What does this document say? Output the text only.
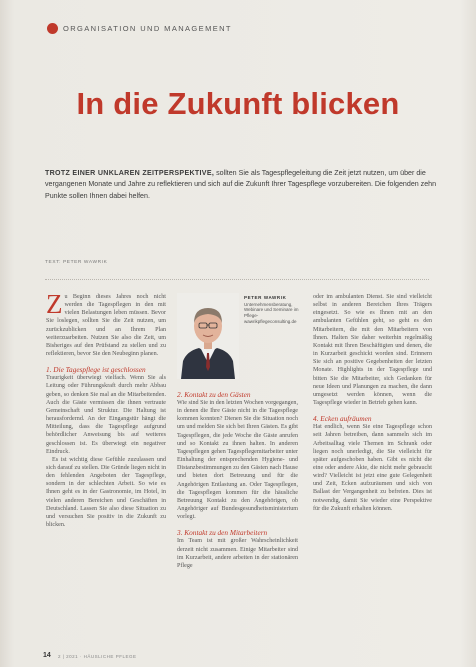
ORGANISATION UND MANAGEMENT
In die Zukunft blicken
TROTZ EINER UNKLAREN ZEITPERSPEKTIVE, sollten Sie als Tagespflegeleitung die Zeit jetzt nutzen, um über die vergangenen Monate und Jahre zu reflektieren und sich auf die Zukunft Ihrer Tagespflege vorzubereiten. Die folgenden zehn Punkte sollen Ihnen dabei helfen.
TEXT: PETER WAWRIK

Zu Beginn dieses Jahres noch nicht werden die Tagespflegen in den mit vielen Belastungen leben müssen. Bevor Sie loslegen, sollten Sie die Zeit nutzen, um zurückzublicken und an Ihrem Plan weiterzuarbeiten. Nutzen Sie also die Zeit, um Bisheriges auf den Prüfstand zu stellen und zu reflektieren, bevor Sie den Neubeginn planen.

1. Die Tagespflege ist geschlossen

Traurigkeit überwiegt vielfach. Wenn Sie als Leitung oder Führungskraft durch mehr Abbau geben, so denken Sie mal an die Mitarbeitenden. Auch die Gäste vermissen die ihnen vertraute Gemeinschaft und Struktur. Die Haltung ist herausfordernd. An der Eingangstür hängt die Mitteilung, dass die Tagespflege aufgrund behördlicher Anweisung bis auf weiteres geschlossen ist. Es überwiegt ein negativer Eindruck.

Es ist wichtig diese Gefühle zuzulassen und sich darauf zu stellen. Die Gründe liegen nicht in den fehlenden Angeboten der Tagespflege, sondern in der schlechten Arbeit. So wie es Ihnen geht es in der Gastronomie, im Hotel, in vielen anderen Bereichen und Geschäften in Deutschland. Lassen Sie also diese Situation zu und versuchen Sie positiv in die Zukunft zu blicken.

PETER WAWRIK
Unternehmensberatung, Webinare und Seminare im Pflege-wawrikpflegeconsulting.de
2. Kontakt zu den Gästen

Wie sind Sie in den letzten Wochen vorgegangen, in denen die Ihre Gäste nicht in die Tagespflege kommen konnten? Dienen Sie die Situation noch um und melden Sie sich bei Ihren Gästen. Es gibt Tagespflegen, die jede Woche die Gäste anrufen und so Kontakt zu ihnen halten. In anderen Tagespflegen gehen Tagespflegemitarbeiter unter Einhaltung der entsprechenden Hygiene- und Distanzbestimmungen zu den Gästen nach Hause und bieten dort Betreuung und für die Angehörigen Entlastung an. Oder Tagespflegen, die Tagespflegen kommen für die häusliche Betreuung Kontakt zu den Angehörigen, ob Angehöriger auf Bundesgesundheitsministerium vorlegt.

3. Kontakt zu den Mitarbeitern

Im Team ist mit großer Wahrscheinlichkeit derzeit nicht zusammen. Einige Mitarbeiter sind im Kurzarbeit, andere arbeiten in der stationären Pflege

oder im ambulanten Dienst. Sie sind vielleicht selbst in anderen Bereichen Ihres Trägers eingesetzt. So wie es Ihnen mit an den ambulanten Gefühlen geht, so geht es den Mitarbeitern, die mit den Mitarbeitern von Ihnen. Halten Sie daher weiterhin regelmäßig Kontakt mit Ihren Beschäftigten und denen, die in Kurzarbeit geschickt worden sind. Erinnern Sie sich an positive Gegebenheiten der letzten Monate. Highlights in der Tagespflege und bitten Sie die Mitarbeiter, sich Gedanken für neue Ideen und Planungen zu machen, die dann umgesetzt werden können, wenn die Tagespflege wieder in Betrieb gehen kann.

4. Ecken aufräumen

Hat endlich, wenn Sie eine Tagespflege schon seit Jahren betreiben, dann sammeln sich im Arbeitsalltag viele Themen im Schrank oder liegen noch unerledigt, die Sie vielleicht für später aufgeschoben haben. Gibt es nicht die eine oder andere Akte, die nicht mehr gebraucht wird? Vielleicht ist jetzt eine gute Gelegenheit und Zeit, Ecken aufzuräumen und sich von Ballast der Vergangenheit zu befreien. Dies ist notwendig, damit Sie wieder eine Perspektive für die Zukunft erhalten können.

14 2 | 2021 · HÄUSLICHE PFLEGE
